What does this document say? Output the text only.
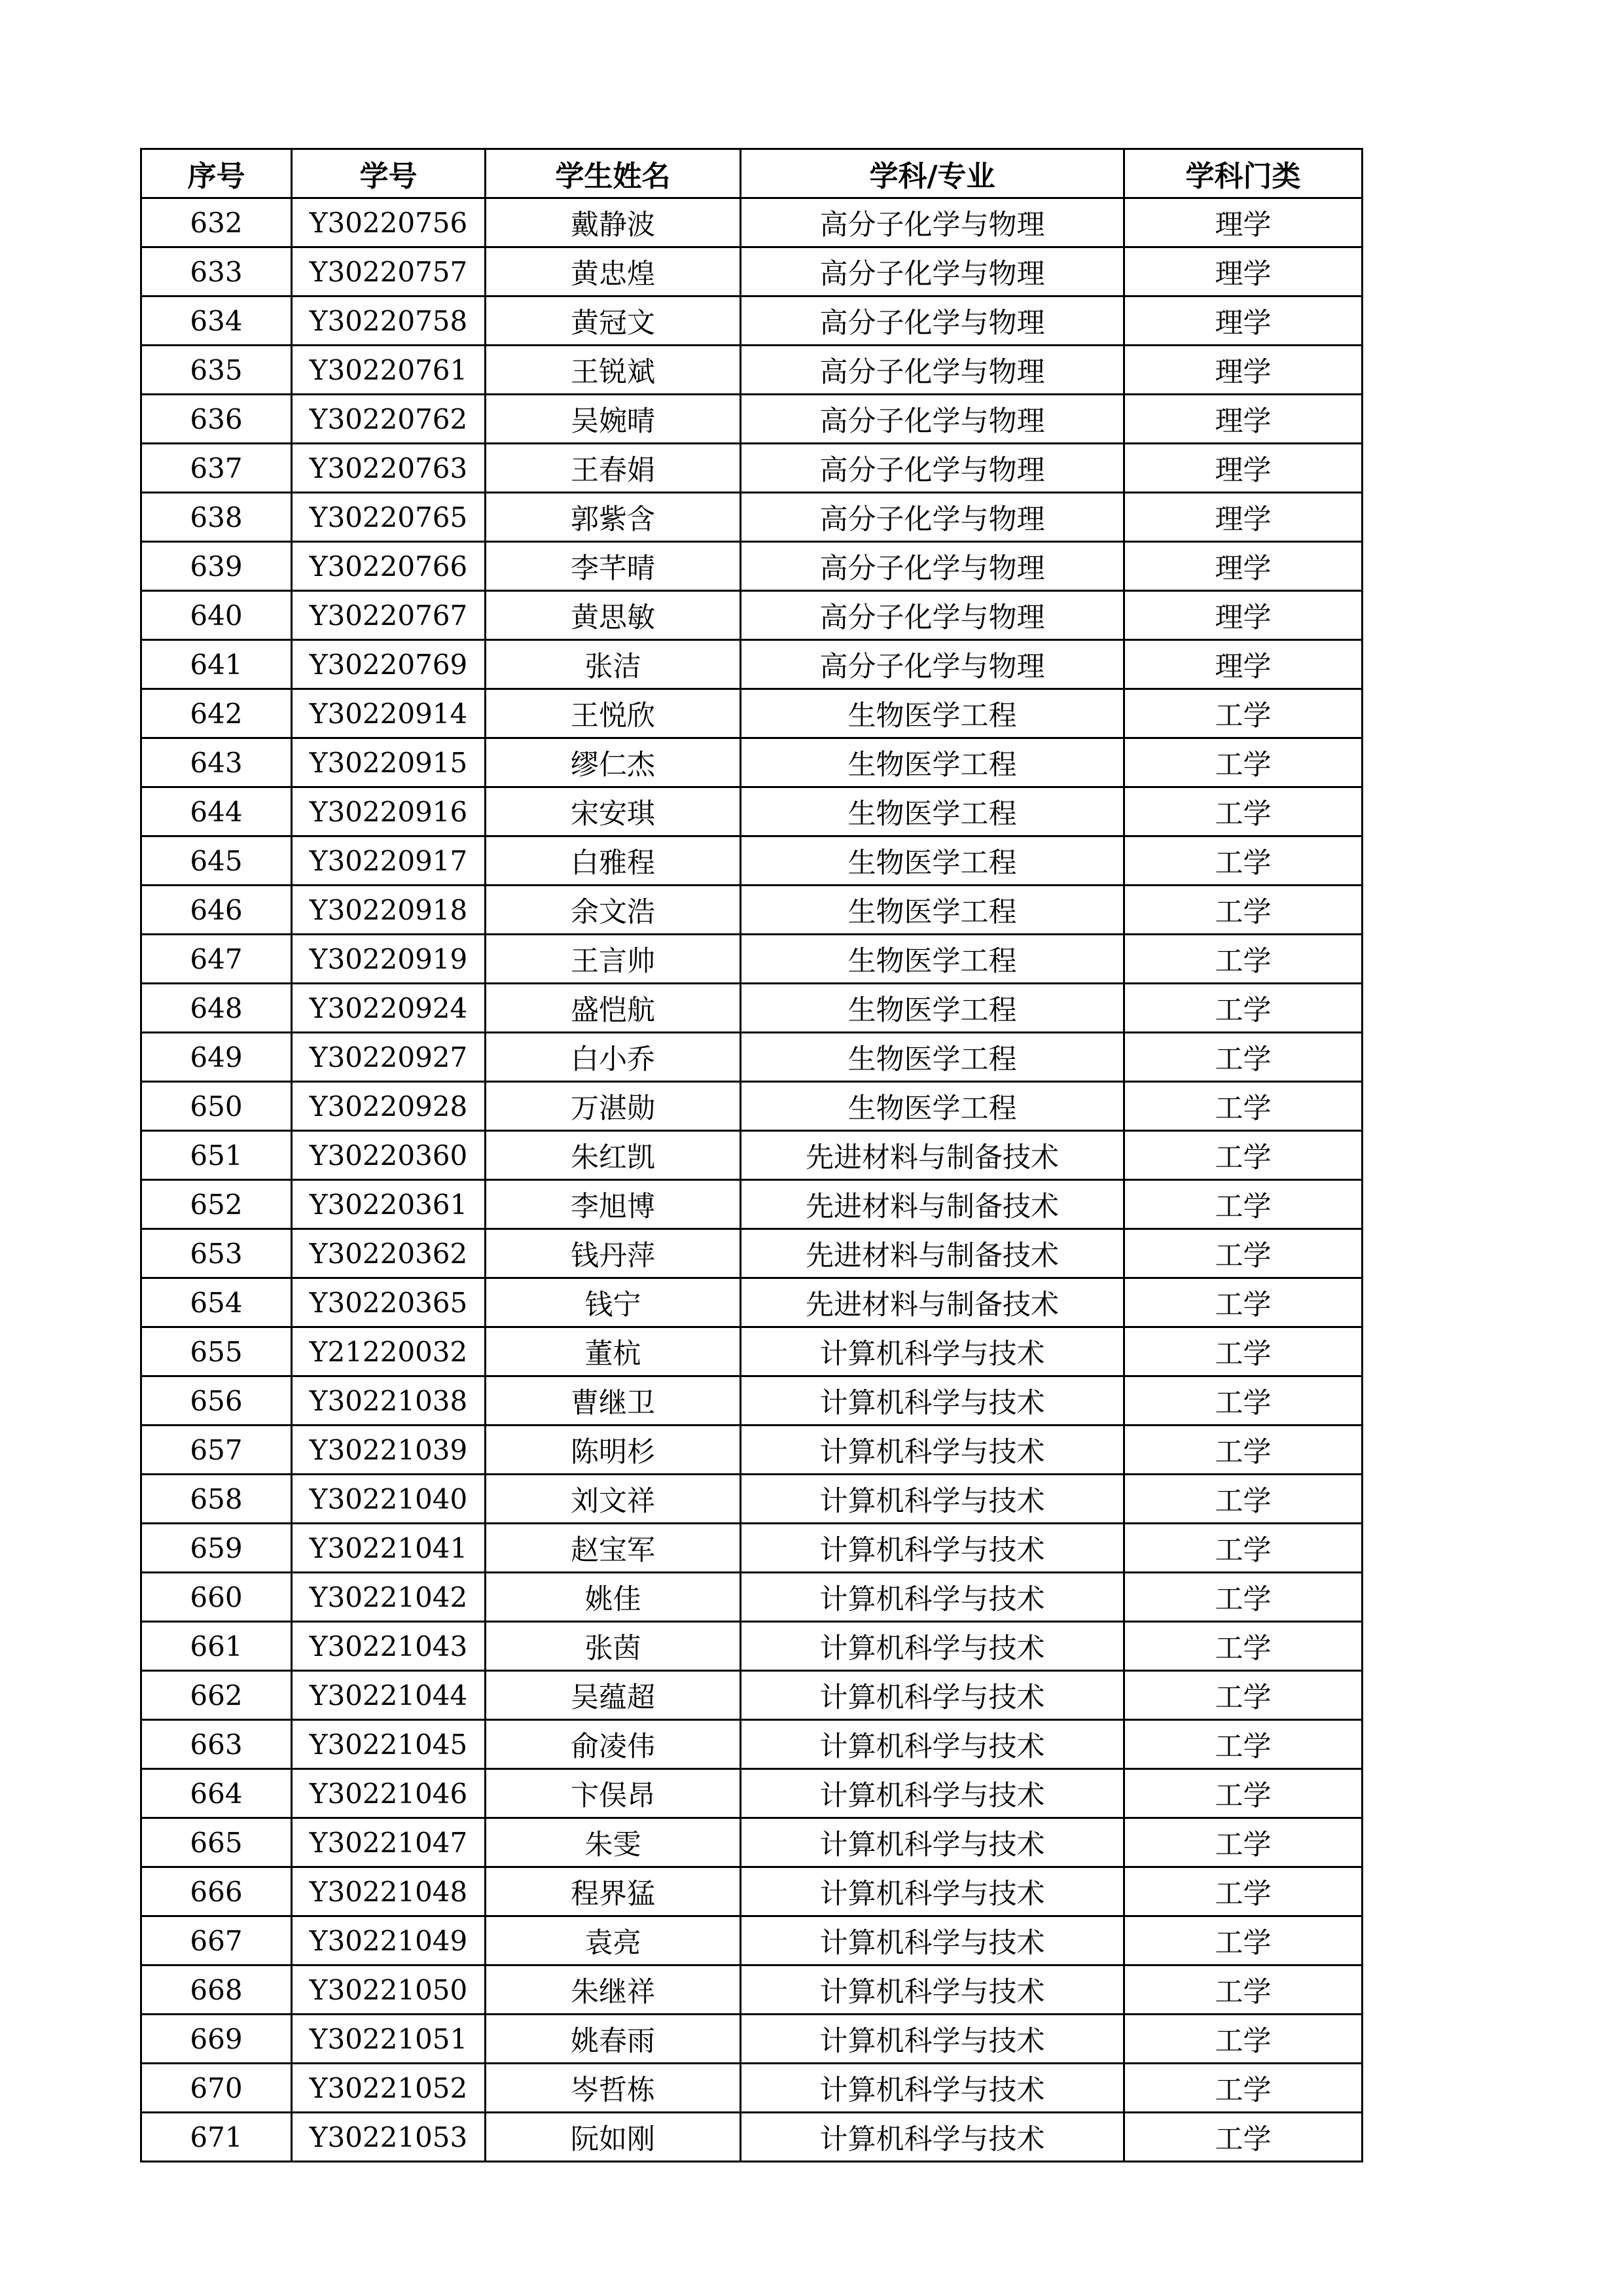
序号	学号	学生姓名	学科/专业	学科门类
632	Y30220756	戴静波	高分子化学与物理	理学
633	Y30220757	黄忠煌	高分子化学与物理	理学
634	Y30220758	黄冠文	高分子化学与物理	理学
635	Y30220761	王锐斌	高分子化学与物理	理学
636	Y30220762	吴婉晴	高分子化学与物理	理学
637	Y30220763	王春娟	高分子化学与物理	理学
638	Y30220765	郭紫含	高分子化学与物理	理学
639	Y30220766	李芊晴	高分子化学与物理	理学
640	Y30220767	黄思敏	高分子化学与物理	理学
641	Y30220769	张洁	高分子化学与物理	理学
642	Y30220914	王悦欣	生物医学工程	工学
643	Y30220915	缪仁杰	生物医学工程	工学
644	Y30220916	宋安琪	生物医学工程	工学
645	Y30220917	白雅程	生物医学工程	工学
646	Y30220918	余文浩	生物医学工程	工学
647	Y30220919	王言帅	生物医学工程	工学
648	Y30220924	盛恺航	生物医学工程	工学
649	Y30220927	白小乔	生物医学工程	工学
650	Y30220928	万湛勋	生物医学工程	工学
651	Y30220360	朱红凯	先进材料与制备技术	工学
652	Y30220361	李旭博	先进材料与制备技术	工学
653	Y30220362	钱丹萍	先进材料与制备技术	工学
654	Y30220365	钱宁	先进材料与制备技术	工学
655	Y21220032	董杭	计算机科学与技术	工学
656	Y30221038	曹继卫	计算机科学与技术	工学
657	Y30221039	陈明杉	计算机科学与技术	工学
658	Y30221040	刘文祥	计算机科学与技术	工学
659	Y30221041	赵宝军	计算机科学与技术	工学
660	Y30221042	姚佳	计算机科学与技术	工学
661	Y30221043	张茵	计算机科学与技术	工学
662	Y30221044	吴蕴超	计算机科学与技术	工学
663	Y30221045	俞凌伟	计算机科学与技术	工学
664	Y30221046	卞俣昂	计算机科学与技术	工学
665	Y30221047	朱雯	计算机科学与技术	工学
666	Y30221048	程界猛	计算机科学与技术	工学
667	Y30221049	袁亮	计算机科学与技术	工学
668	Y30221050	朱继祥	计算机科学与技术	工学
669	Y30221051	姚春雨	计算机科学与技术	工学
670	Y30221052	岑哲栋	计算机科学与技术	工学
671	Y30221053	阮如刚	计算机科学与技术	工学
